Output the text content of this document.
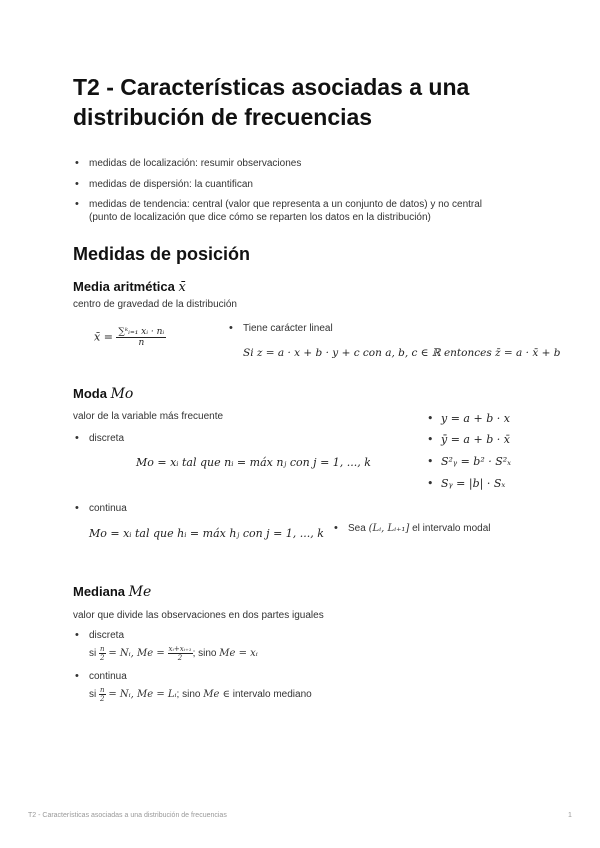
T2 - Características asociadas a una distribución de frecuencias
• medidas de localización: resumir observaciones
• medidas de dispersión: la cuantifican
• medidas de tendencia: central (valor que representa a un conjunto de datos) y no central (punto de localización que dice cómo se reparten los datos en la distribución)
Medidas de posición
Media aritmética x̄
centro de gravedad de la distribución
x̄ = $\frac{\text{∑ᵏᵢ₌₁ xᵢ · nᵢ}}{n}$
•	Tiene carácter lineal
Si z = a · x + b · y + c con a, b, c ∈ ℝ entonces z̄ = a · x̄ + b
Moda Mo
valor de la variable más frecuente
• discreta
Mo = xᵢ tal que nᵢ = máx nⱼ con j = 1, ..., k
• continua
Mo = xᵢ tal que hᵢ = máx hⱼ con j = 1, ..., k
• y = a + b · x
• ȳ = a + b · x̄
• S²ᵧ = b² · S²ₓ
• Sᵧ = |b| · Sₓ
• Sea (Lᵢ, Lᵢ₊₁] el intervalo modal
Mediana Me
valor que divide las observaciones en dos partes iguales
• discreta
si $\frac{n}{2}$ = Nᵢ, $Me = \frac{\text{xᵢ+xᵢ₊₁}}{2}$; sino Me = xᵢ
• continua
si $\frac{n}{2}$ = Nᵢ, Me = Lᵢ; sino Me ∈ intervalo mediano
T2 - Características asociadas a una distribución de frecuencias	1
